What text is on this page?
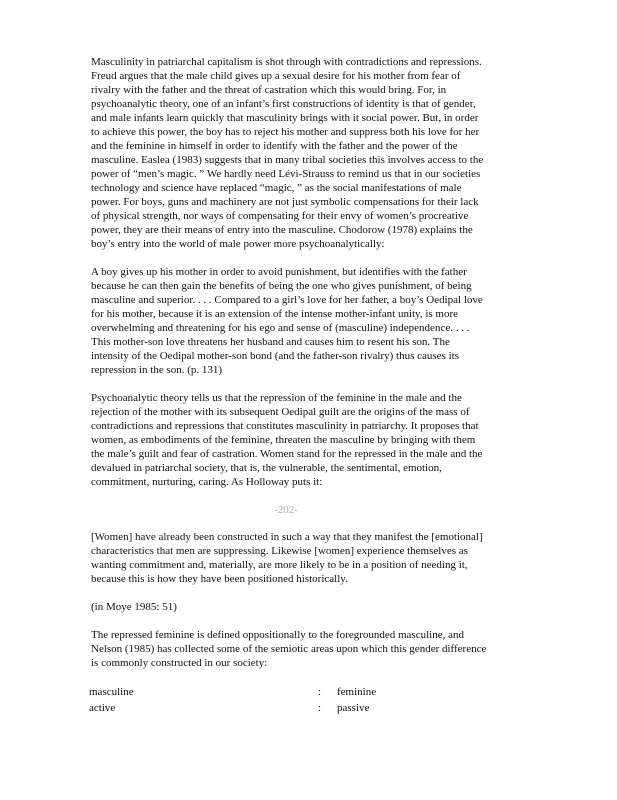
Masculinity in patriarchal capitalism is shot through with contradictions and repressions.
Freud argues that the male child gives up a sexual desire for his mother from fear of
rivalry with the father and the threat of castration which this would bring. For, in
psychoanalytic theory, one of an infant’s first constructions of identity is that of gender,
and male infants learn quickly that masculinity brings with it social power. But, in order
to achieve this power, the boy has to reject his mother and suppress both his love for her
and the feminine in himself in order to identify with the father and the power of the
masculine. Easlea (1983) suggests that in many tribal societies this involves access to the
power of “men’s magic. ” We hardly need Lévi-Strauss to remind us that in our societies
technology and science have replaced “magic, ” as the social manifestations of male
power. For boys, guns and machinery are not just symbolic compensations for their lack
of physical strength, nor ways of compensating for their envy of women’s procreative
power, they are their means of entry into the masculine. Chodorow (1978) explains the
boy’s entry into the world of male power more psychoanalytically:

A boy gives up his mother in order to avoid punishment, but identifies with the father
because he can then gain the benefits of being the one who gives punishment, of being
masculine and superior. . . . Compared to a girl’s love for her father, a boy’s Oedipal love
for his mother, because it is an extension of the intense mother-infant unity, is more
overwhelming and threatening for his ego and sense of (masculine) independence. . . .
This mother-son love threatens her husband and causes him to resent his son. The
intensity of the Oedipal mother-son bond (and the father-son rivalry) thus causes its
repression in the son. (p. 131)

Psychoanalytic theory tells us that the repression of the feminine in the male and the
rejection of the mother with its subsequent Oedipal guilt are the origins of the mass of
contradictions and repressions that constitutes masculinity in patriarchy. It proposes that
women, as embodiments of the feminine, threaten the masculine by bringing with them
the male’s guilt and fear of castration. Women stand for the repressed in the male and the
devalued in patriarchal society, that is, the vulnerable, the sentimental, emotion,
commitment, nurturing, caring. As Holloway puts it:

-202-

[Women] have already been constructed in such a way that they manifest the [emotional]
characteristics that men are suppressing. Likewise [women] experience themselves as
wanting commitment and, materially, are more likely to be in a position of needing it,
because this is how they have been positioned historically.

(in Moye 1985: 51)

The repressed feminine is defined oppositionally to the foregrounded masculine, and
Nelson (1985) has collected some of the semiotic areas upon which this gender difference
is commonly constructed in our society:

masculine	: feminine
active	: passive
